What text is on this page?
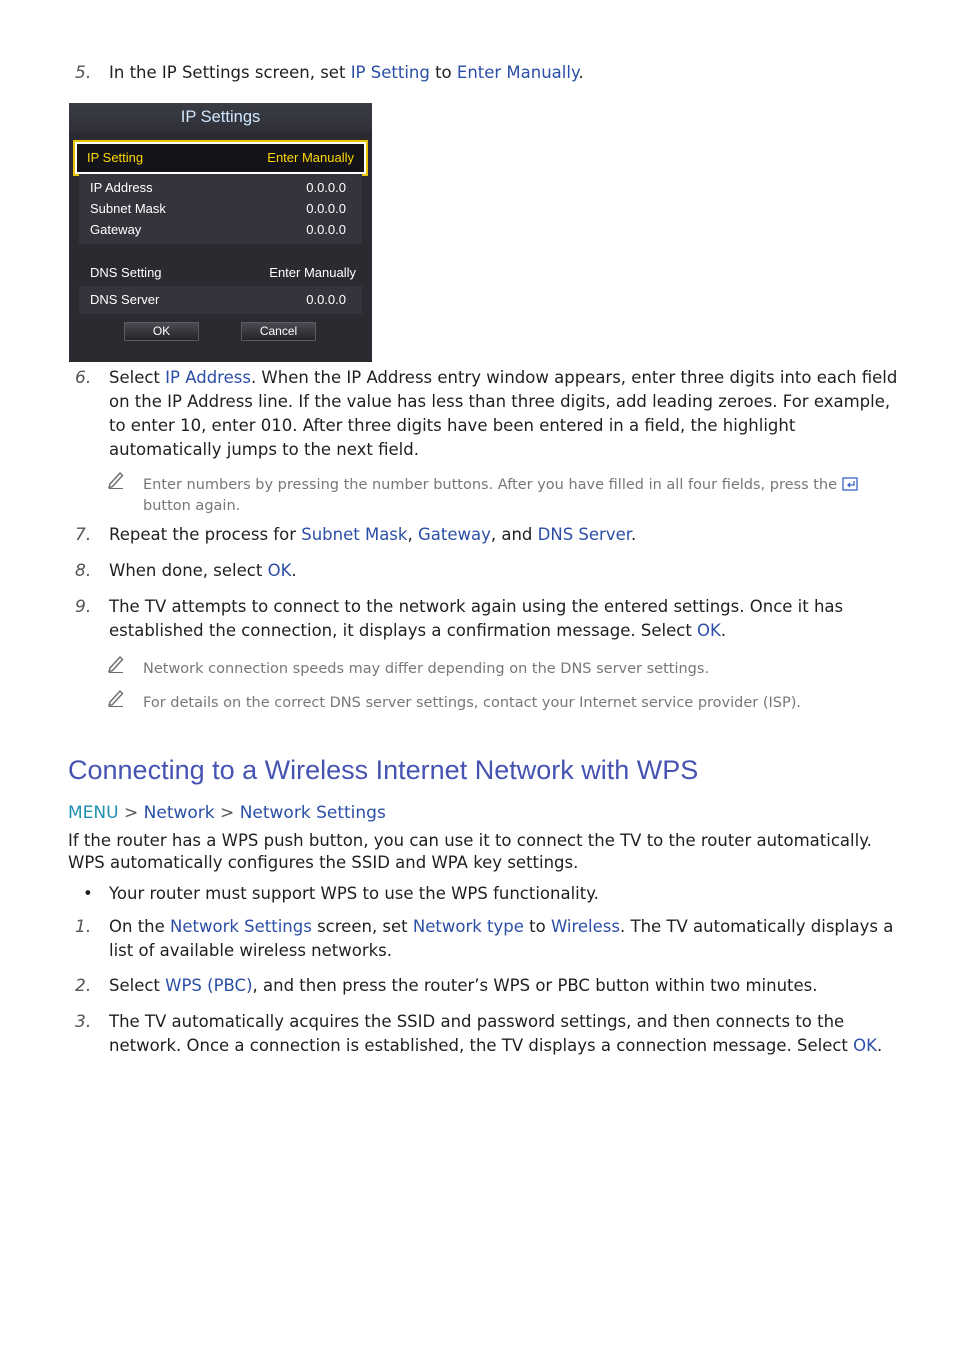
5.	In the IP Settings screen, set IP Setting to Enter Manually.
IP Settings
IP Setting	Enter Manually
IP Address	0.0.0.0
Subnet Mask	0.0.0.0
Gateway	0.0.0.0
DNS Setting	Enter Manually
DNS Server	0.0.0.0
OK	Cancel
6.	Select IP Address. When the IP Address entry window appears, enter three digits into each field on the IP Address line. If the value has less than three digits, add leading zeroes. For example, to enter 10, enter 010. After three digits have been entered in a field, the highlight automatically jumps to the next field.
Enter numbers by pressing the number buttons. After you have filled in all four fields, press the
button again.
7.	Repeat the process for Subnet Mask, Gateway, and DNS Server.
8.	When done, select OK.
9.	The TV attempts to connect to the network again using the entered settings. Once it has established the connection, it displays a confirmation message. Select OK.
Network connection speeds may differ depending on the DNS server settings.
For details on the correct DNS server settings, contact your Internet service provider (ISP).
Connecting to a Wireless Internet Network with WPS
MENU > Network > Network Settings
If the router has a WPS push button, you can use it to connect the TV to the router automatically. WPS automatically configures the SSID and WPA key settings.
• Your router must support WPS to use the WPS functionality.
1.	On the Network Settings screen, set Network type to Wireless. The TV automatically displays a list of available wireless networks.
2.	Select WPS (PBC), and then press the router’s WPS or PBC button within two minutes.
3.	The TV automatically acquires the SSID and password settings, and then connects to the network. Once a connection is established, the TV displays a connection message. Select OK.
